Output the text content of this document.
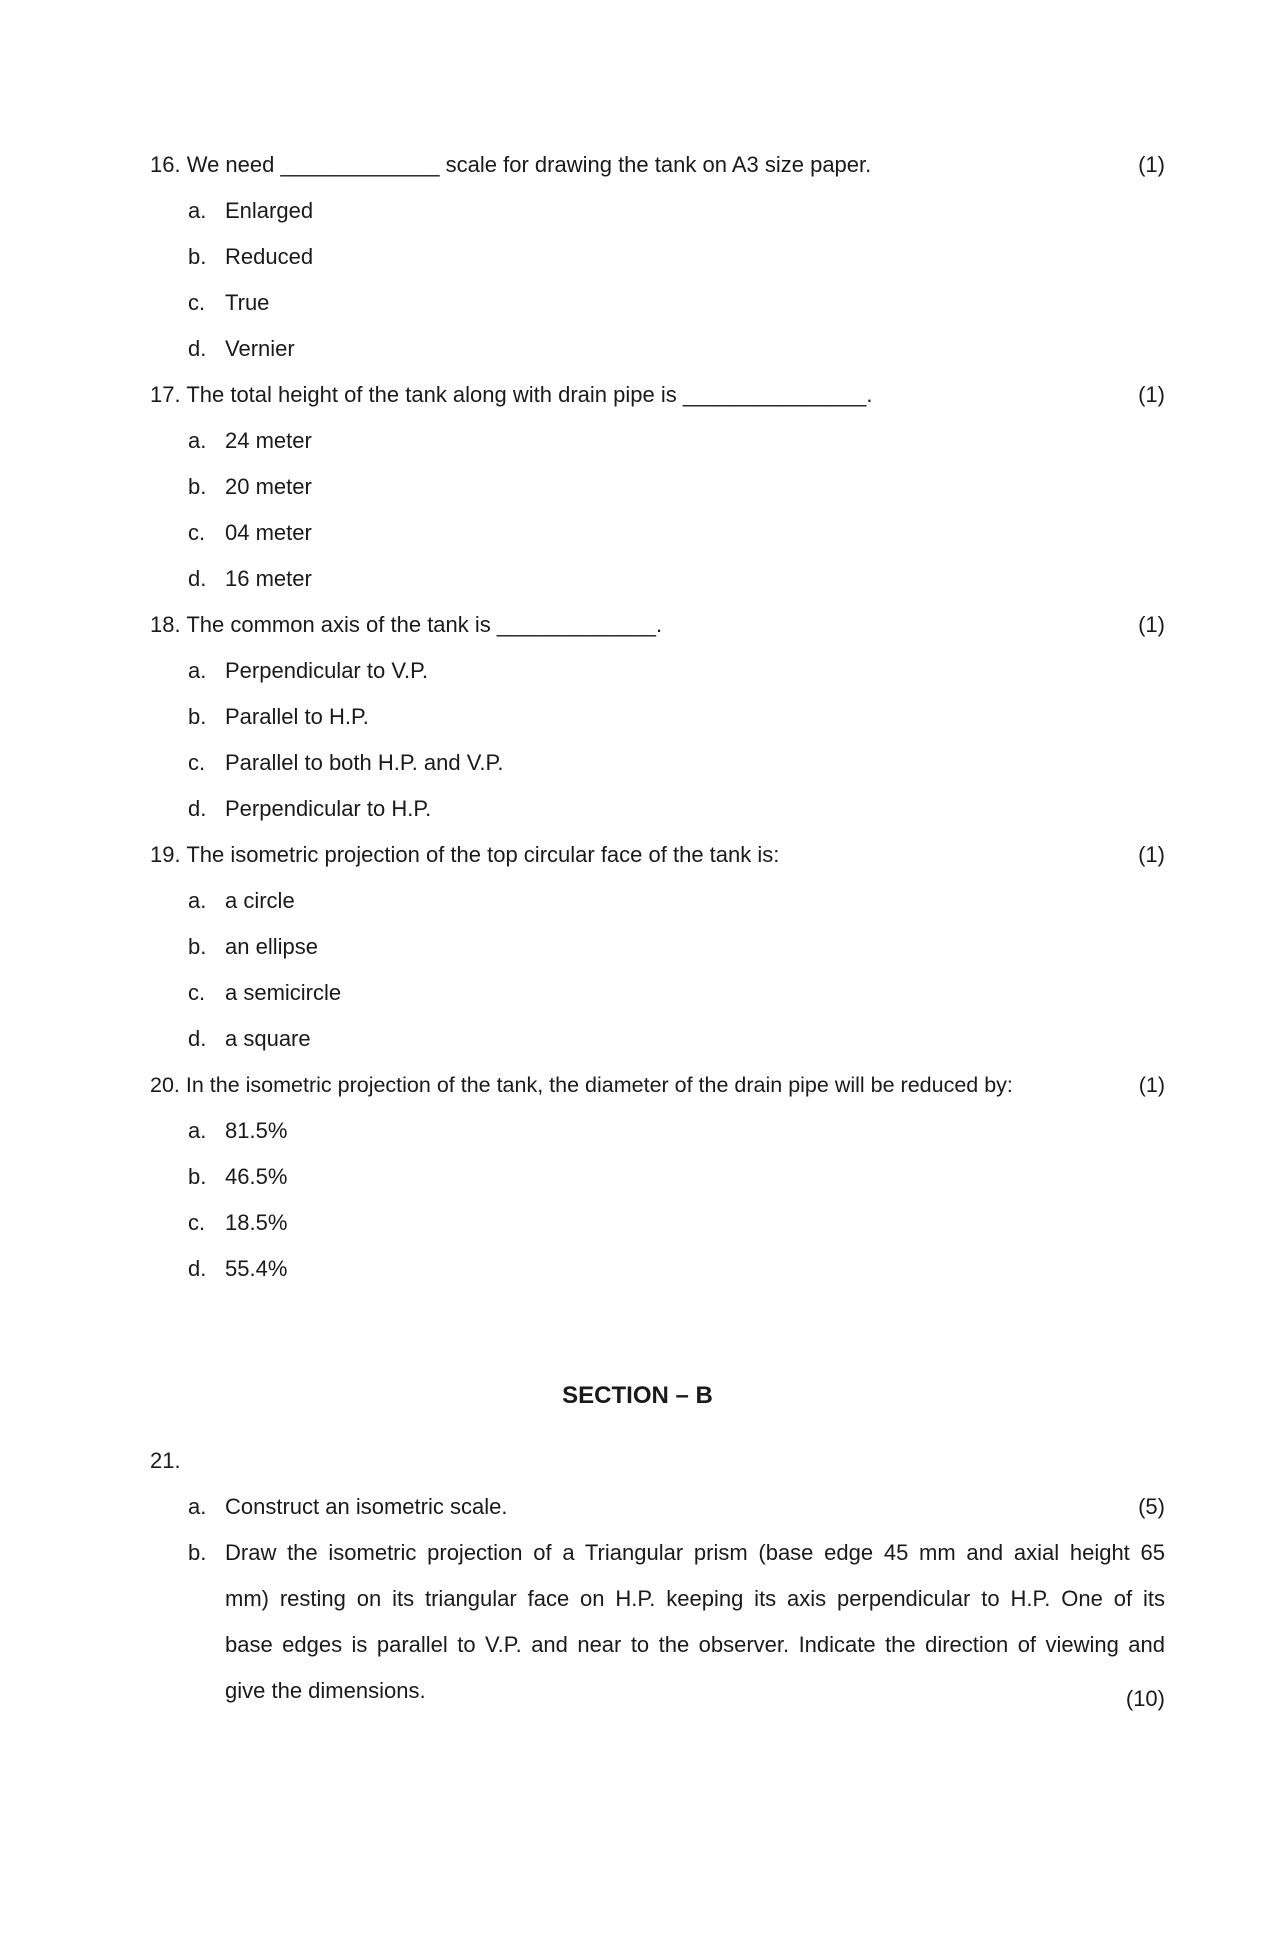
16. We need _____________ scale for drawing the tank on A3 size paper.	(1)
a. Enlarged
b. Reduced
c. True
d. Vernier
17. The total height of the tank along with drain pipe is _______________.	(1)
a. 24 meter
b. 20 meter
c. 04 meter
d. 16 meter
18. The common axis of the tank is _____________.	(1)
a. Perpendicular to V.P.
b. Parallel to H.P.
c. Parallel to both H.P. and V.P.
d. Perpendicular to H.P.
19. The isometric projection of the top circular face of the tank is:	(1)
a. a circle
b. an ellipse
c. a semicircle
d. a square
20. In the isometric projection of the tank, the diameter of the drain pipe will be reduced by:	(1)
a. 81.5%
b. 46.5%
c. 18.5%
d. 55.4%
SECTION – B
21.
a. Construct an isometric scale.	(5)
b. Draw the isometric projection of a Triangular prism (base edge 45 mm and axial height 65
mm) resting on its triangular face on H.P. keeping its axis perpendicular to H.P. One of its
base edges is parallel to V.P. and near to the observer. Indicate the direction of viewing and
give the dimensions.	(10)
